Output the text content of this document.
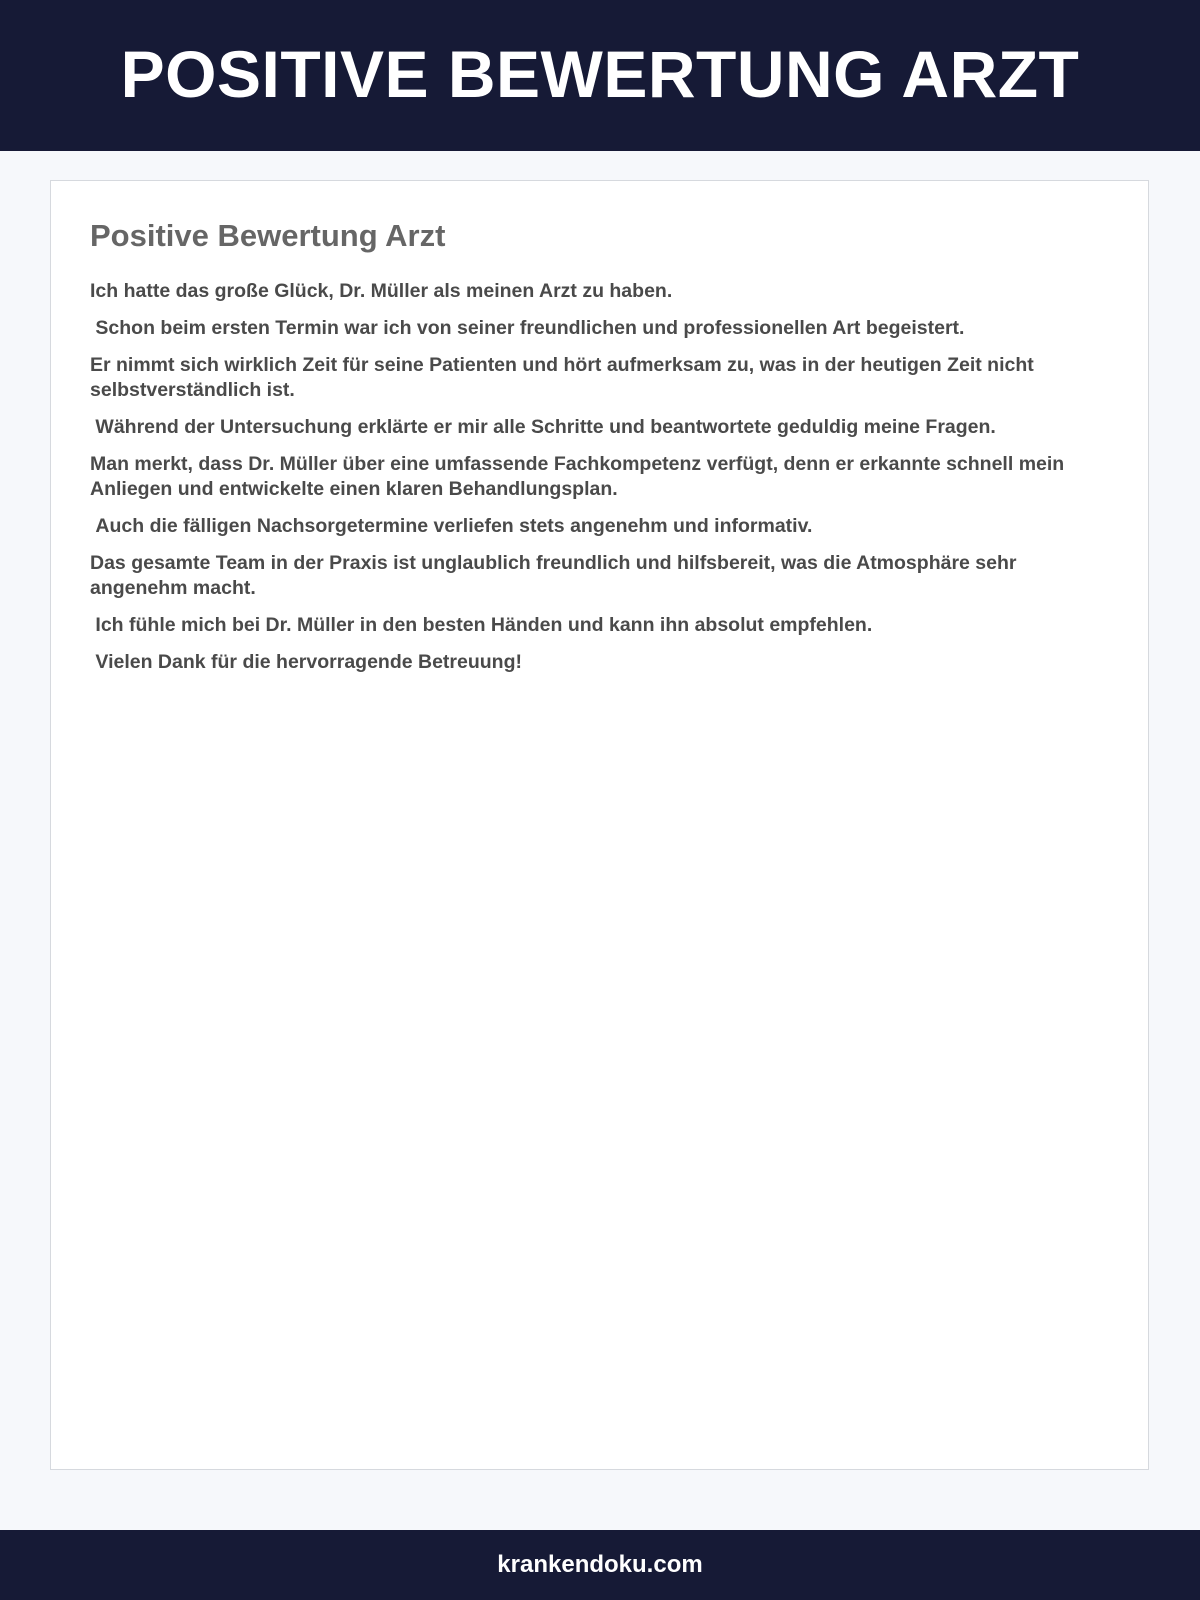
POSITIVE BEWERTUNG ARZT
Positive Bewertung Arzt

Ich hatte das große Glück, Dr. Müller als meinen Arzt zu haben.

Schon beim ersten Termin war ich von seiner freundlichen und professionellen Art begeistert.

Er nimmt sich wirklich Zeit für seine Patienten und hört aufmerksam zu, was in der heutigen Zeit nicht selbstverständlich ist.

Während der Untersuchung erklärte er mir alle Schritte und beantwortete geduldig meine Fragen.

Man merkt, dass Dr. Müller über eine umfassende Fachkompetenz verfügt, denn er erkannte schnell mein Anliegen und entwickelte einen klaren Behandlungsplan.

Auch die fälligen Nachsorgetermine verliefen stets angenehm und informativ.

Das gesamte Team in der Praxis ist unglaublich freundlich und hilfsbereit, was die Atmosphäre sehr angenehm macht.

Ich fühle mich bei Dr. Müller in den besten Händen und kann ihn absolut empfehlen.

Vielen Dank für die hervorragende Betreuung!

krankendoku.com
